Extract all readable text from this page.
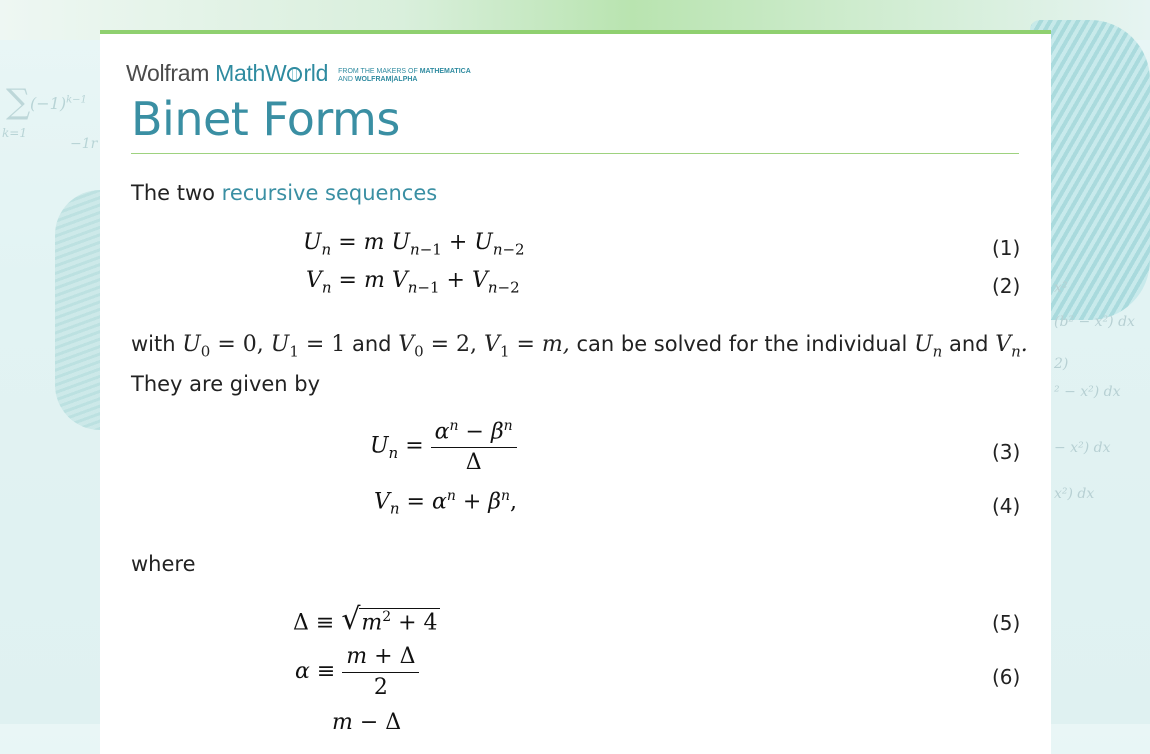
∑ $(-1)^{k-1}$
k=1
−1r
x²
(b² − x²) dx
2)
² − x²) dx
− x²) dx
x²) dx
Wolfram MathW rld FROM THE MAKERS OF MATHEMATICA
AND WOLFRAM|ALPHA
Binet Forms
The two recursive sequences
$U_n = m$ $U_{n-1} + U_{n-2}$	(1)
$V_n = m$ $V_{n-1} + V_{n-2}$	(2)
with $U_0 = 0$, $U_1 = 1$ and $V_0 = 2$, $V_1 = m$, can be solved for the individual $U_n$ and $V_n$.
They are given by
$U_n = \frac{\alpha^n - \beta^n}{\Delta}$	(3)
$V_n = \alpha^n + \beta^n$,	(4)
where
Δ ≡ √ $m^2 + 4$	(5)
$\alpha \equiv \frac{m + \Delta}{2}$	(6)
m − Δ
